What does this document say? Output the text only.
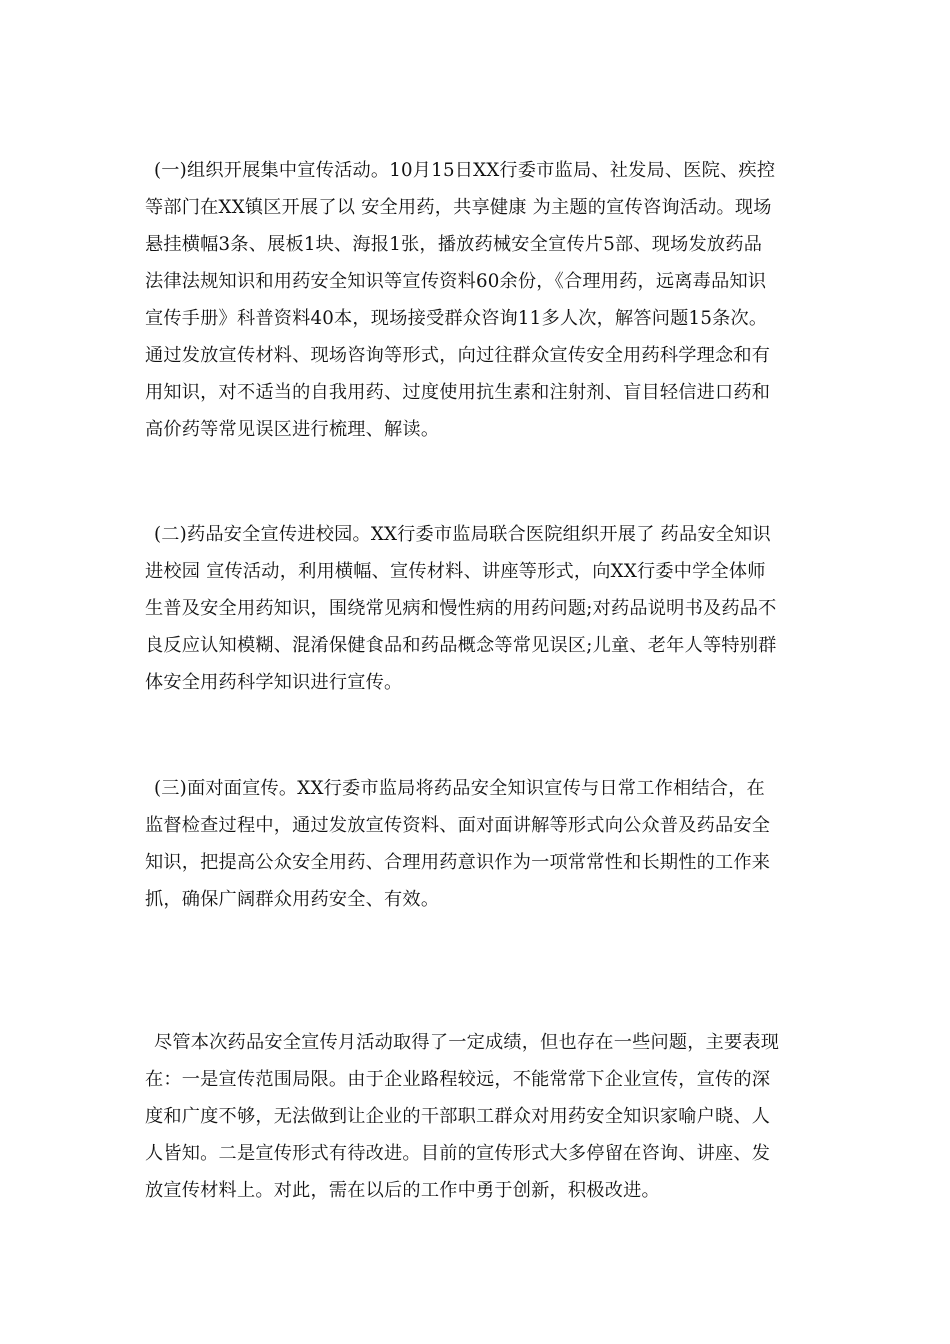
(一)组织开展集中宣传活动。10月15日XX行委市监局、社发局、医院、疾控
等部门在XX镇区开展了以 安全用药，共享健康 为主题的宣传咨询活动。现场
悬挂横幅3条、展板1块、海报1张，播放药械安全宣传片5部、现场发放药品
法律法规知识和用药安全知识等宣传资料60余份，《合理用药，远离毒品知识
宣传手册》科普资料40本，现场接受群众咨询11多人次，解答问题15条次。
通过发放宣传材料、现场咨询等形式，向过往群众宣传安全用药科学理念和有
用知识，对不适当的自我用药、过度使用抗生素和注射剂、盲目轻信进口药和
高价药等常见误区进行梳理、解读。
(二)药品安全宣传进校园。XX行委市监局联合医院组织开展了 药品安全知识
进校园 宣传活动，利用横幅、宣传材料、讲座等形式，向XX行委中学全体师
生普及安全用药知识，围绕常见病和慢性病的用药问题;对药品说明书及药品不
良反应认知模糊、混淆保健食品和药品概念等常见误区;儿童、老年人等特别群
体安全用药科学知识进行宣传。
(三)面对面宣传。XX行委市监局将药品安全知识宣传与日常工作相结合，在
监督检查过程中，通过发放宣传资料、面对面讲解等形式向公众普及药品安全
知识，把提高公众安全用药、合理用药意识作为一项常常性和长期性的工作来
抓，确保广阔群众用药安全、有效。
尽管本次药品安全宣传月活动取得了一定成绩，但也存在一些问题，主要表现
在：一是宣传范围局限。由于企业路程较远，不能常常下企业宣传，宣传的深
度和广度不够，无法做到让企业的干部职工群众对用药安全知识家喻户晓、人
人皆知。二是宣传形式有待改进。目前的宣传形式大多停留在咨询、讲座、发
放宣传材料上。对此，需在以后的工作中勇于创新，积极改进。
